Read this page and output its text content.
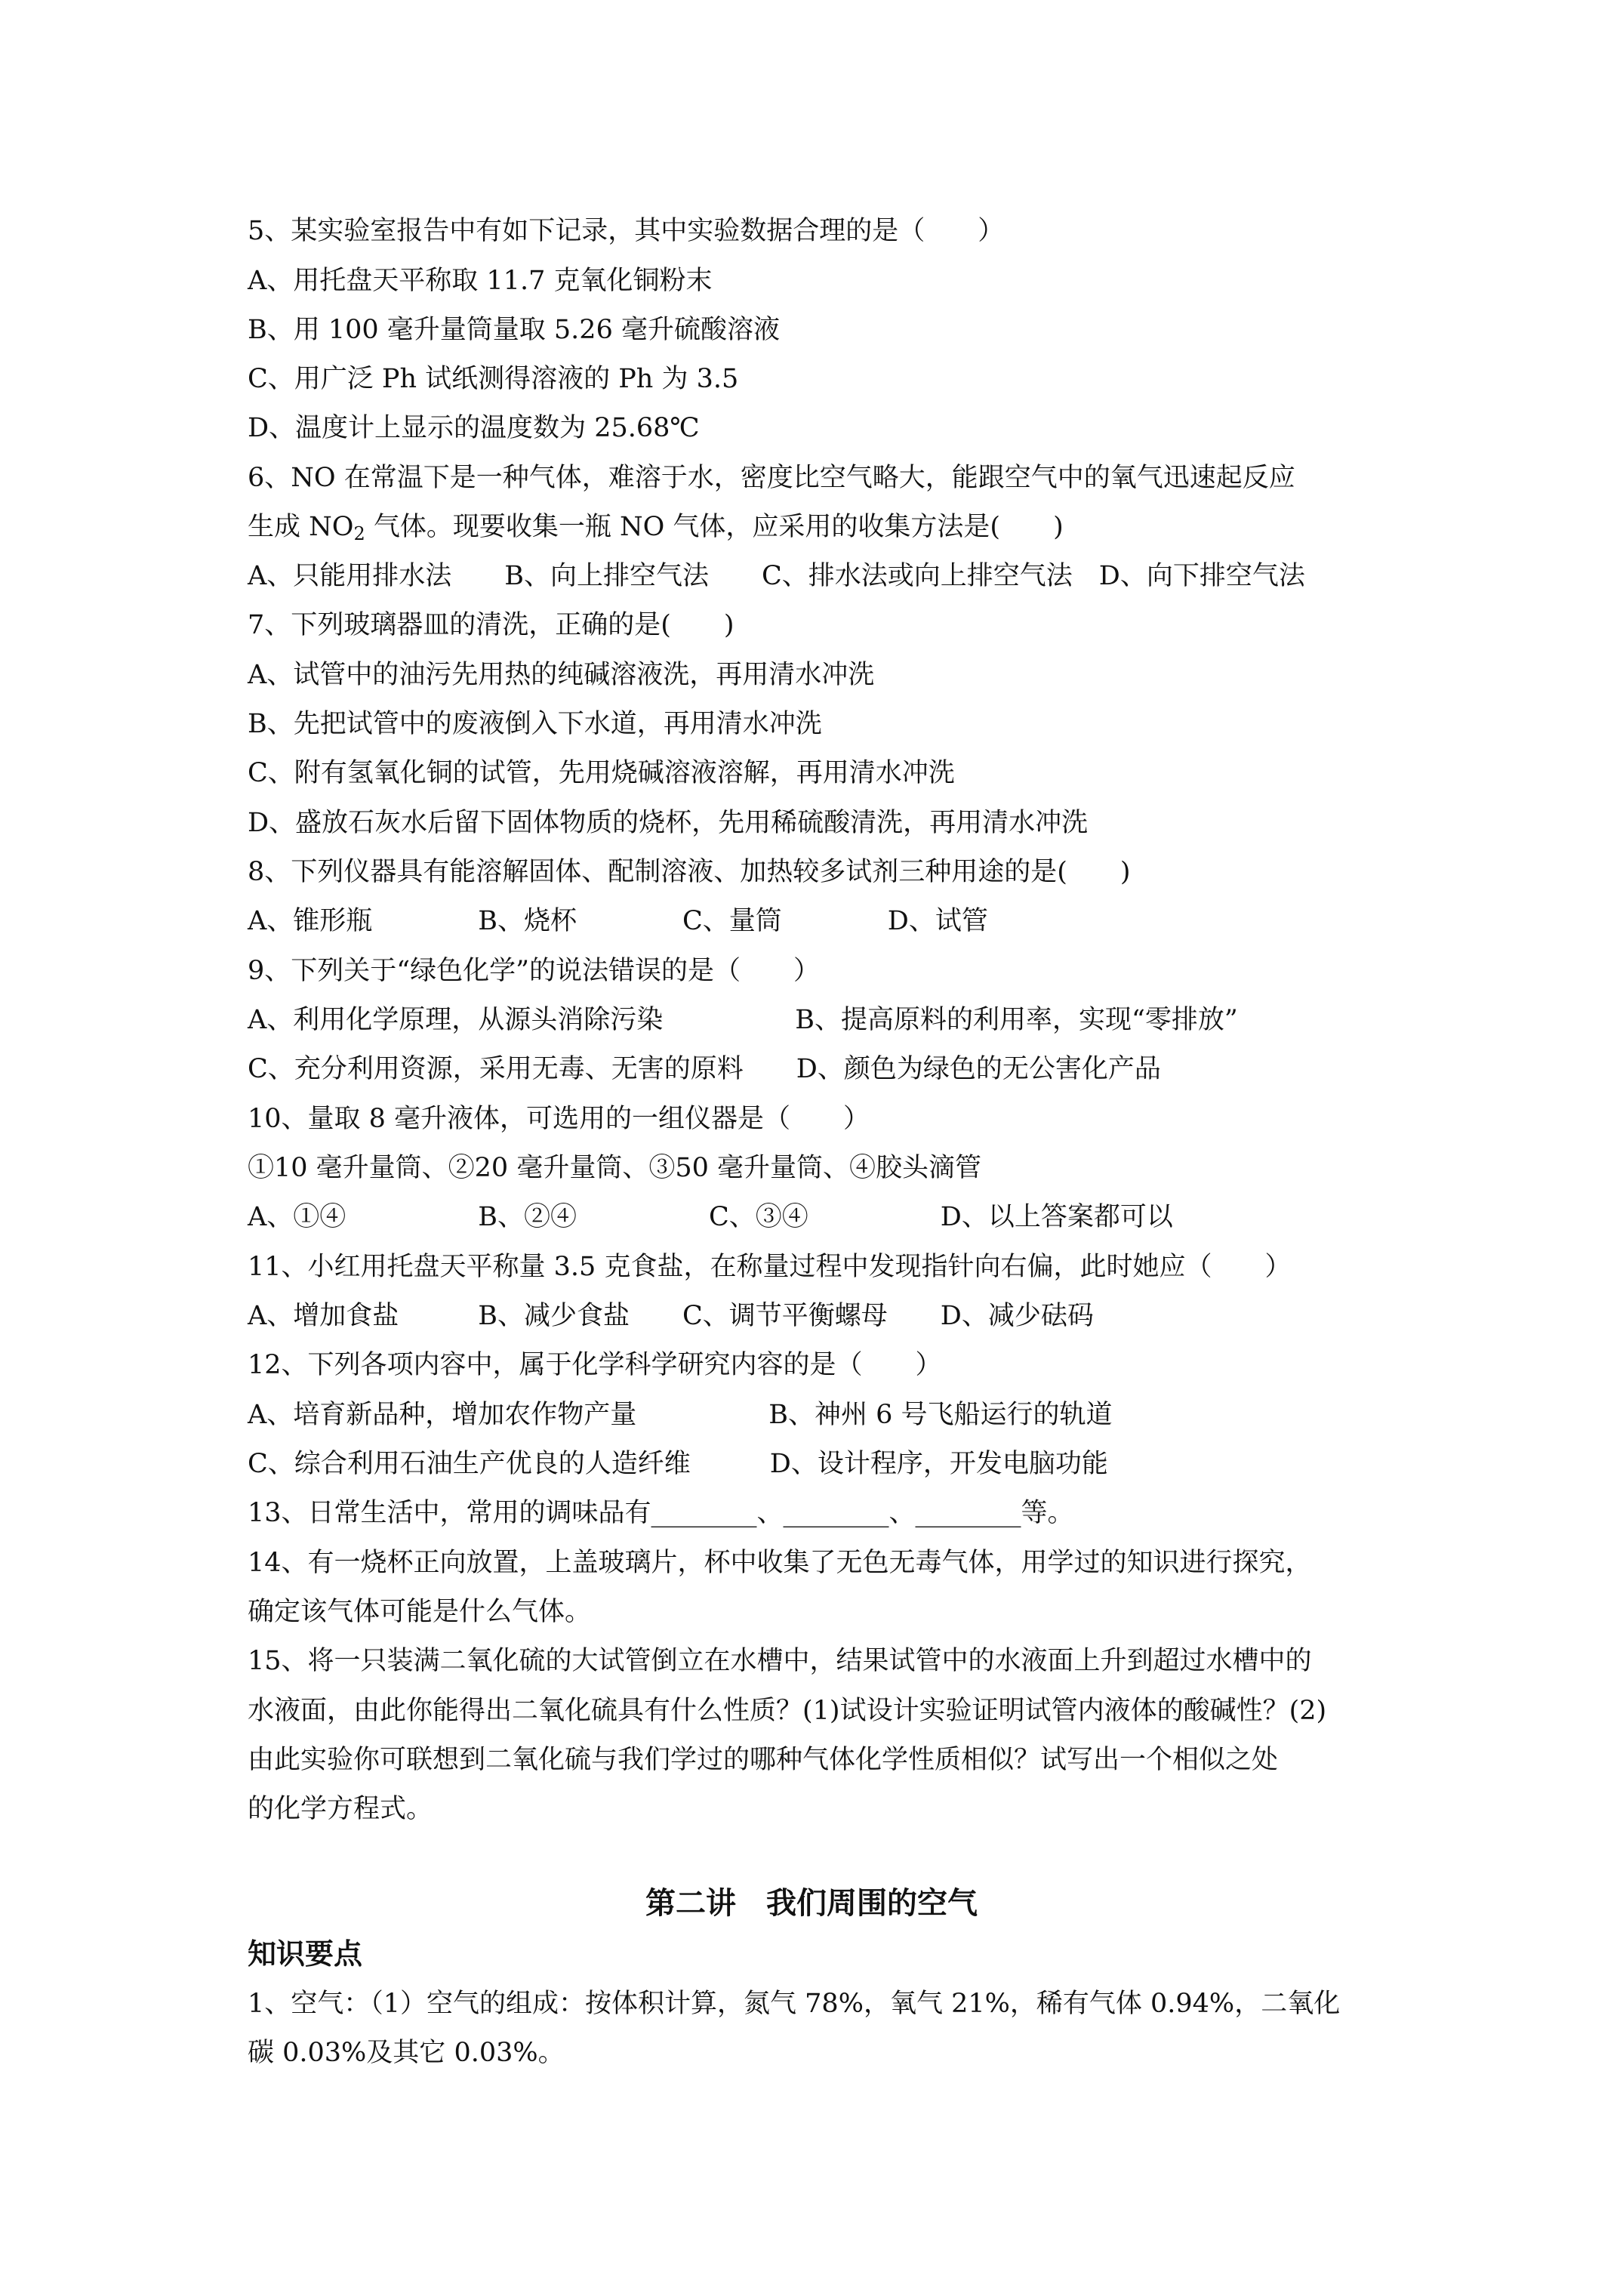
5、某实验室报告中有如下记录，其中实验数据合理的是（　　）
A、用托盘天平称取 11.7 克氧化铜粉末
B、用 100 毫升量筒量取 5.26 毫升硫酸溶液
C、用广泛 Ph 试纸测得溶液的 Ph 为 3.5
D、温度计上显示的温度数为 25.68℃
6、NO 在常温下是一种气体，难溶于水，密度比空气略大，能跟空气中的氧气迅速起反应
生成 $NO_2$ 气体。现要收集一瓶 NO 气体，应采用的收集方法是(　　)
A、只能用排水法　　B、向上排空气法　　C、排水法或向上排空气法　D、向下排空气法
7、下列玻璃器皿的清洗，正确的是(　　)
A、试管中的油污先用热的纯碱溶液洗，再用清水冲洗
B、先把试管中的废液倒入下水道，再用清水冲洗
C、附有氢氧化铜的试管，先用烧碱溶液溶解，再用清水冲洗
D、盛放石灰水后留下固体物质的烧杯，先用稀硫酸清洗，再用清水冲洗
8、下列仪器具有能溶解固体、配制溶液、加热较多试剂三种用途的是(　　)
A、锥形瓶　　　　B、烧杯　　　　C、量筒　　　　D、试管
9、下列关于“绿色化学”的说法错误的是（　　）
A、利用化学原理，从源头消除污染　　　　　B、提高原料的利用率，实现“零排放”
C、充分利用资源，采用无毒、无害的原料　　D、颜色为绿色的无公害化产品
10、量取 8 毫升液体，可选用的一组仪器是（　　）
①10 毫升量筒、②20 毫升量筒、③50 毫升量筒、④胶头滴管
A、①④　　　　　B、②④　　　　　C、③④　　　　　D、以上答案都可以
11、小红用托盘天平称量 3.5 克食盐，在称量过程中发现指针向右偏，此时她应（　　）
A、增加食盐　　　B、减少食盐　　C、调节平衡螺母　　D、减少砝码
12、下列各项内容中，属于化学科学研究内容的是（　　）
A、培育新品种，增加农作物产量　　　　　B、神州 6 号飞船运行的轨道
C、综合利用石油生产优良的人造纤维　　　D、设计程序，开发电脑功能
13、日常生活中，常用的调味品有________、________、________等。
14、有一烧杯正向放置，上盖玻璃片，杯中收集了无色无毒气体，用学过的知识进行探究，
确定该气体可能是什么气体。
15、将一只装满二氧化硫的大试管倒立在水槽中，结果试管中的水液面上升到超过水槽中的
水液面，由此你能得出二氧化硫具有什么性质？(1)试设计实验证明试管内液体的酸碱性？(2)
由此实验你可联想到二氧化硫与我们学过的哪种气体化学性质相似？试写出一个相似之处
的化学方程式。
第二讲　我们周围的空气
知识要点
1、空气：（1）空气的组成：按体积计算，氮气 78%，氧气 21%，稀有气体 0.94%，二氧化
碳 0.03%及其它 0.03%。
